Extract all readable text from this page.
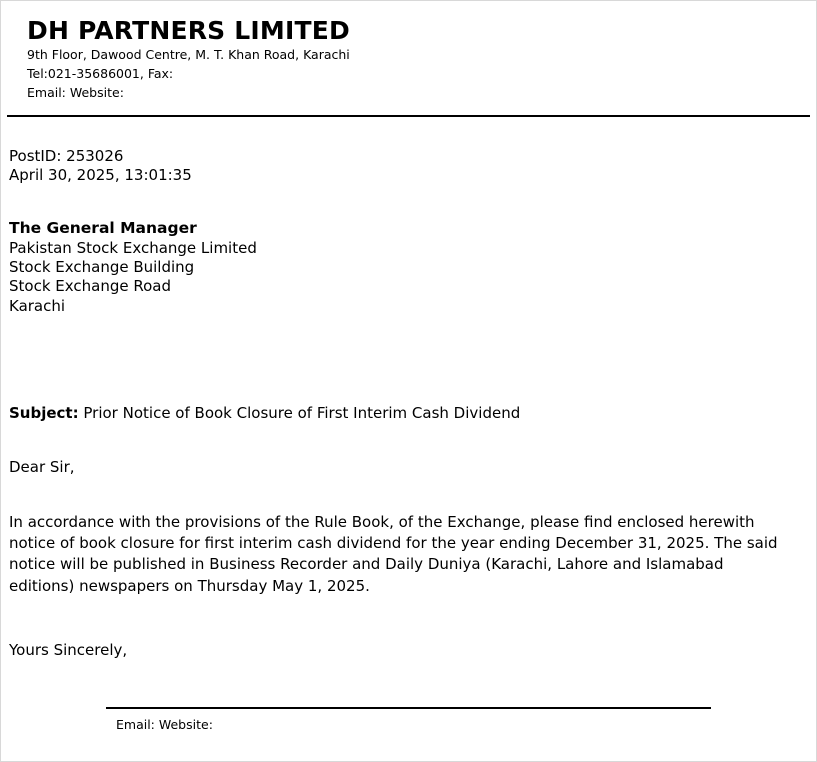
DH PARTNERS LIMITED
9th Floor, Dawood Centre, M. T. Khan Road, Karachi
Tel:021-35686001, Fax:
Email: Website:
PostID: 253026
April 30, 2025, 13:01:35
The General Manager
Pakistan Stock Exchange Limited
Stock Exchange Building
Stock Exchange Road
Karachi
Subject: Prior Notice of Book Closure of First Interim Cash Dividend
Dear Sir,
In accordance with the provisions of the Rule Book, of the Exchange, please find enclosed herewith notice of book closure for first interim cash dividend for the year ending December 31, 2025. The said notice will be published in Business Recorder and Daily Duniya (Karachi, Lahore and Islamabad editions) newspapers on Thursday May 1, 2025.
Yours Sincerely,
Email: Website:
